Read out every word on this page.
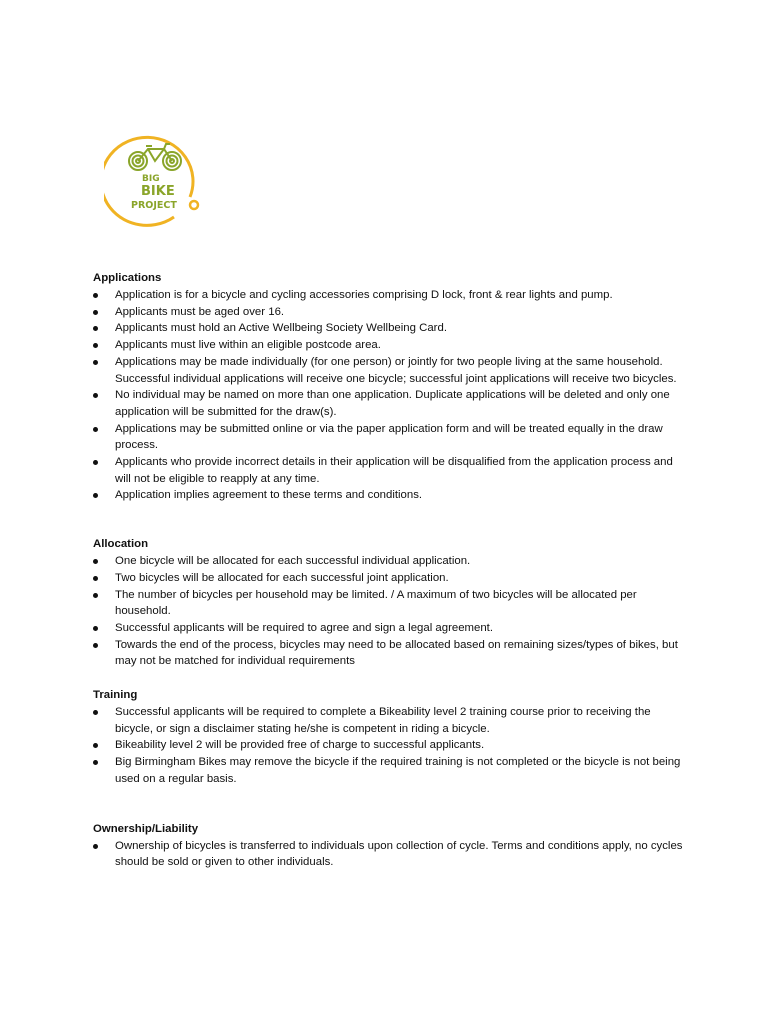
BIG
BIKE
PROJECT

Applications

Application is for a bicycle and cycling accessories comprising D lock, front & rear lights and pump.
Applicants must be aged over 16.
Applicants must hold an Active Wellbeing Society Wellbeing Card.
Applicants must live within an eligible postcode area.
Applications may be made individually (for one person) or jointly for two people living at the same household. Successful individual applications will receive one bicycle; successful joint applications will receive two bicycles.
No individual may be named on more than one application. Duplicate applications will be deleted and only one application will be submitted for the draw(s).
Applications may be submitted online or via the paper application form and will be treated equally in the draw process.
Applicants who provide incorrect details in their application will be disqualified from the application process and will not be eligible to reapply at any time.
Application implies agreement to these terms and conditions.

Allocation

One bicycle will be allocated for each successful individual application.
Two bicycles will be allocated for each successful joint application.
The number of bicycles per household may be limited. / A maximum of two bicycles will be allocated per household.
Successful applicants will be required to agree and sign a legal agreement.
Towards the end of the process, bicycles may need to be allocated based on remaining sizes/types of bikes, but may not be matched for individual requirements

Training

Successful applicants will be required to complete a Bikeability level 2 training course prior to receiving the bicycle, or sign a disclaimer stating he/she is competent in riding a bicycle.
Bikeability level 2 will be provided free of charge to successful applicants.
Big Birmingham Bikes may remove the bicycle if the required training is not completed or the bicycle is not being used on a regular basis.

Ownership/Liability

Ownership of bicycles is transferred to individuals upon collection of cycle. Terms and conditions apply, no cycles should be sold or given to other individuals.
